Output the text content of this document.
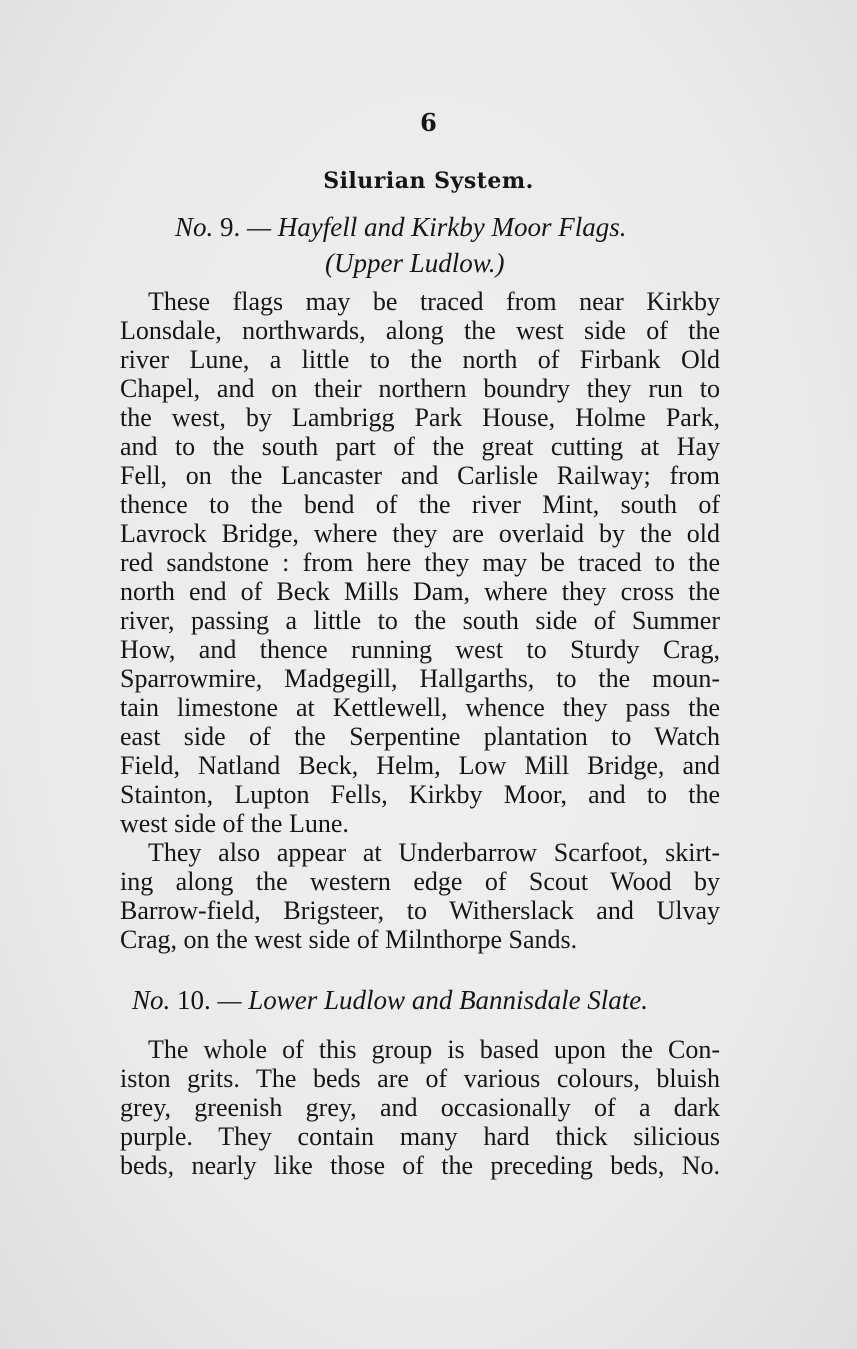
6
Silurian System.
No. 9. — Hayfell and Kirkby Moor Flags.
(Upper Ludlow.)
These flags may be traced from near Kirkby
Lonsdale, northwards, along the west side of the
river Lune, a little to the north of Firbank Old
Chapel, and on their northern boundry they run to
the west, by Lambrigg Park House, Holme Park,
and to the south part of the great cutting at Hay
Fell, on the Lancaster and Carlisle Railway; from
thence to the bend of the river Mint, south of
Lavrock Bridge, where they are overlaid by the old
red sandstone : from here they may be traced to the
north end of Beck Mills Dam, where they cross the
river, passing a little to the south side of Summer
How, and thence running west to Sturdy Crag,
Sparrowmire, Madgegill, Hallgarths, to the moun-
tain limestone at Kettlewell, whence they pass the
east side of the Serpentine plantation to Watch
Field, Natland Beck, Helm, Low Mill Bridge, and
Stainton, Lupton Fells, Kirkby Moor, and to the
west side of the Lune.
They also appear at Underbarrow Scarfoot, skirt-
ing along the western edge of Scout Wood by
Barrow-field, Brigsteer, to Witherslack and Ulvay
Crag, on the west side of Milnthorpe Sands.
No. 10. — Lower Ludlow and Bannisdale Slate.
The whole of this group is based upon the Con-
iston grits. The beds are of various colours, bluish
grey, greenish grey, and occasionally of a dark
purple. They contain many hard thick silicious
beds, nearly like those of the preceding beds, No.
